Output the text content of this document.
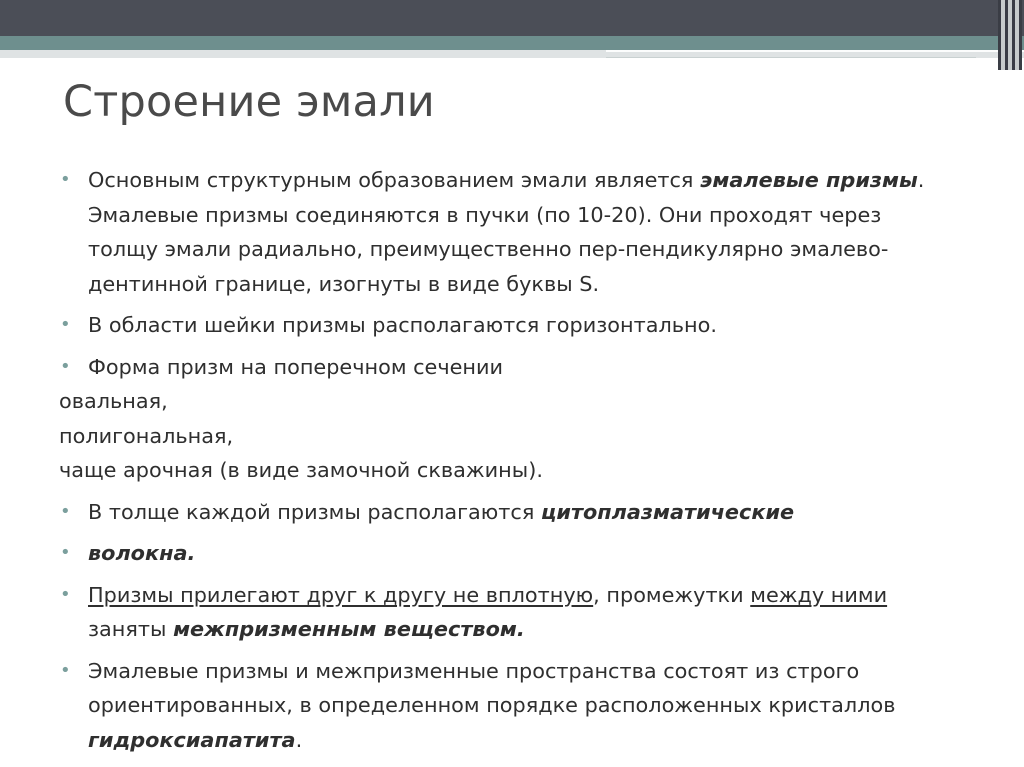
Строение эмали
• Основным структурным образованием эмали является эмалевые призмы. Эмалевые призмы соединяются в пучки (по 10-20). Они проходят через толщу эмали радиально, преимущественно пер-пендикулярно эмалево-дентинной границе, изогнуты в виде буквы S.
• В области шейки призмы располагаются горизонтально.
• Форма призм на поперечном сечении
овальная,
полигональная,
чаще арочная (в виде замочной скважины).
• В толще каждой призмы располагаются цитоплазматические
• волокна.
• Призмы прилегают друг к другу не вплотную, промежутки между ними заняты межпризменным веществом.
• Эмалевые призмы и межпризменные пространства состоят из строго ориентированных, в определенном порядке расположенных кристаллов гидроксиапатита.
